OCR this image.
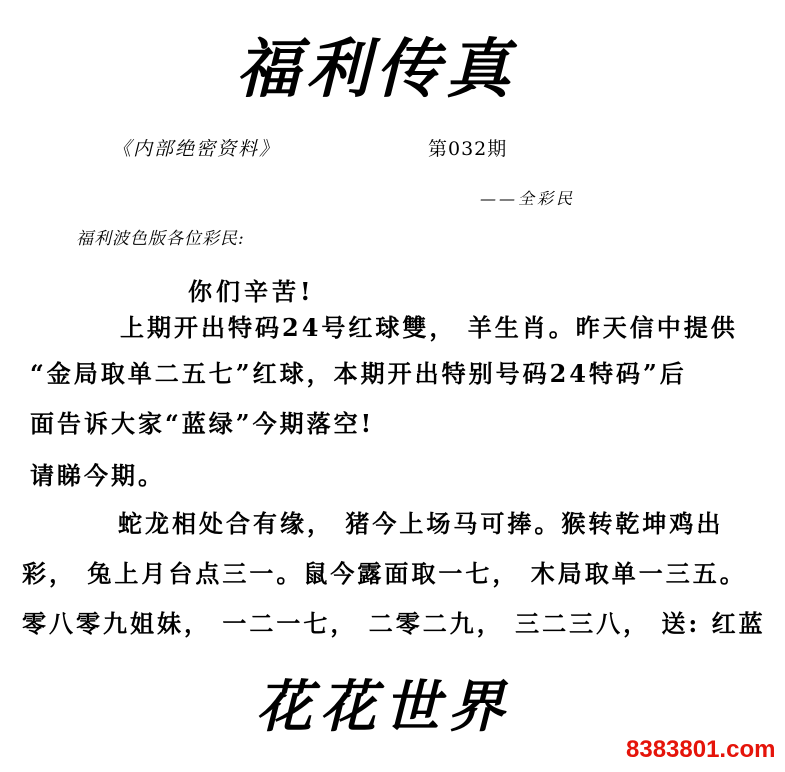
福利传真
《内部绝密资料》	第032期
——全彩民
福利波色版各位彩民:
你们辛苦!
上期开出特码24号红球雙， 羊生肖。昨天信中提供
“金局取单二五七”红球，本期开出特别号码24特码”后
面告诉大家“蓝绿”今期落空!
请睇今期。
蛇龙相处合有缘， 猪今上场马可捧。猴转乾坤鸡出
彩， 兔上月台点三一。鼠今露面取一七， 木局取单一三五。
零八零九姐妹， 一二一七， 二零二九， 三二三八， 送: 红蓝
花花世界
8383801.com
